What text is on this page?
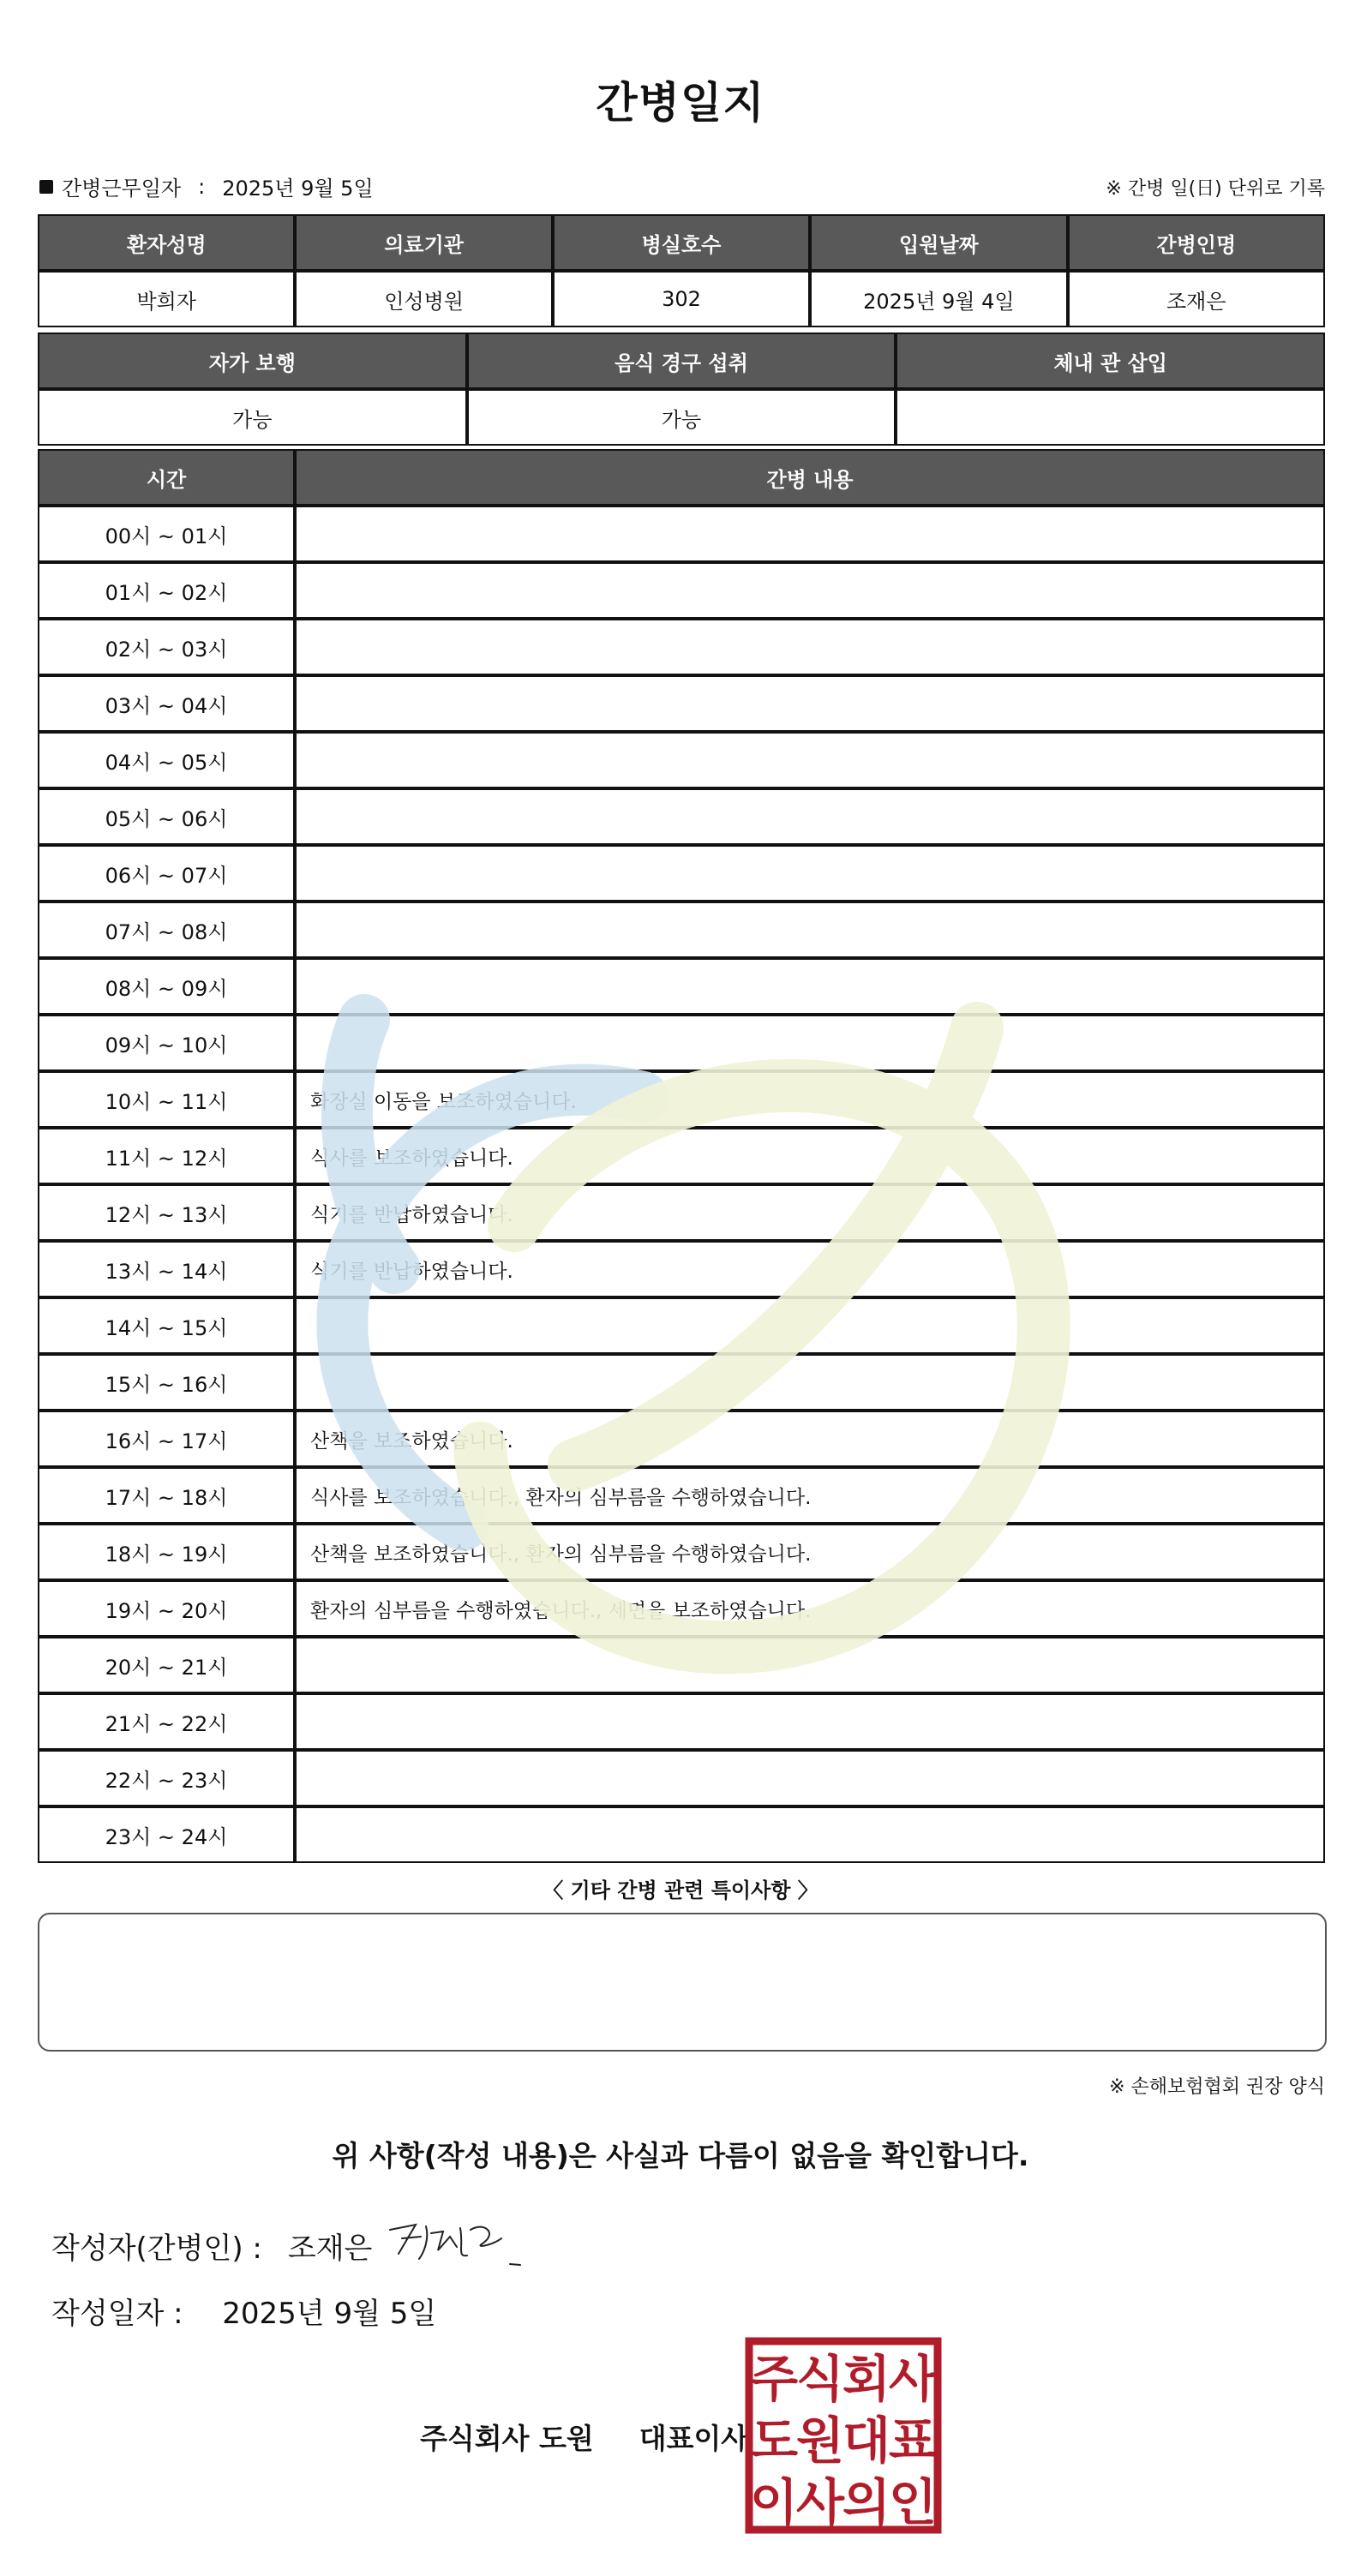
간병일지
간병근무일자 : 2025년 9월 5일	※ 간병 일(日) 단위로 기록
환자성명	의료기관	병실호수	입원날짜	간병인명
박희자	인성병원	302	2025년 9월 4일	조재은
자가 보행	음식 경구 섭취	체내 관 삽입
가능	가능	
시간	간병 내용
00시 ~ 01시	
01시 ~ 02시	
02시 ~ 03시	
03시 ~ 04시	
04시 ~ 05시	
05시 ~ 06시	
06시 ~ 07시	
07시 ~ 08시	
08시 ~ 09시	
09시 ~ 10시	
10시 ~ 11시	화장실 이동을 보조하였습니다.
11시 ~ 12시	식사를 보조하였습니다.
12시 ~ 13시	식기를 반납하였습니다.
13시 ~ 14시	식기를 반납하였습니다.
14시 ~ 15시	
15시 ~ 16시	
16시 ~ 17시	산책을 보조하였습니다.
17시 ~ 18시	식사를 보조하였습니다., 환자의 심부름을 수행하였습니다.
18시 ~ 19시	산책을 보조하였습니다., 환자의 심부름을 수행하였습니다.
19시 ~ 20시	환자의 심부름을 수행하였습니다., 세면을 보조하였습니다.
20시 ~ 21시	
21시 ~ 22시	
22시 ~ 23시	
23시 ~ 24시	
〈 기타 간병 관련 특이사항 〉
※ 손해보험협회 권장 양식
위 사항(작성 내용)은 사실과 다름이 없음을 확인합니다.
작성자(간병인) : 조재은
작성일자 : 2025년 9월 5일
주식회사 도원 대표이사
주
식
회
사
도
원
대
표
이
사
의
인
